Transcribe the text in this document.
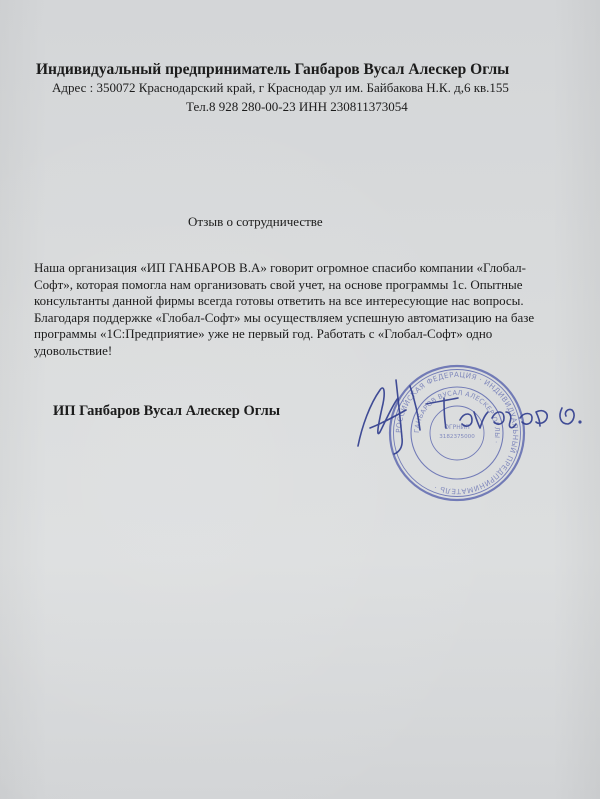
Индивидуальный предприниматель Ганбаров Вусал Алескер Оглы
Адрес : 350072 Краснодарский край, г Краснодар ул им. Байбакова Н.К. д,6 кв.155
Тел.8 928 280-00-23 ИНН 230811373054
Отзыв о сотрудничестве

Наша организация «ИП ГАНБАРОВ В.А» говорит огромное спасибо компании «Глобал-Софт», которая помогла нам организовать свой учет, на основе программы 1с. Опытные консультанты данной фирмы всегда готовы ответить на все интересующие нас вопросы. Благодаря поддержке «Глобал-Софт» мы осуществляем успешную автоматизацию на базе программы «1С:Предприятие» уже не первый год. Работать с «Глобал-Софт» одно удовольствие!

ИП Ганбаров Вусал Алескер Оглы
РОССИЙСКАЯ ФЕДЕРАЦИЯ · ИНДИВИДУАЛЬНЫЙ ПРЕДПРИНИМАТЕЛЬ ·
ГАНБАРОВ ВУСАЛ АЛЕСКЕР ОГЛЫ ·
ОГРНИП
3182375000
